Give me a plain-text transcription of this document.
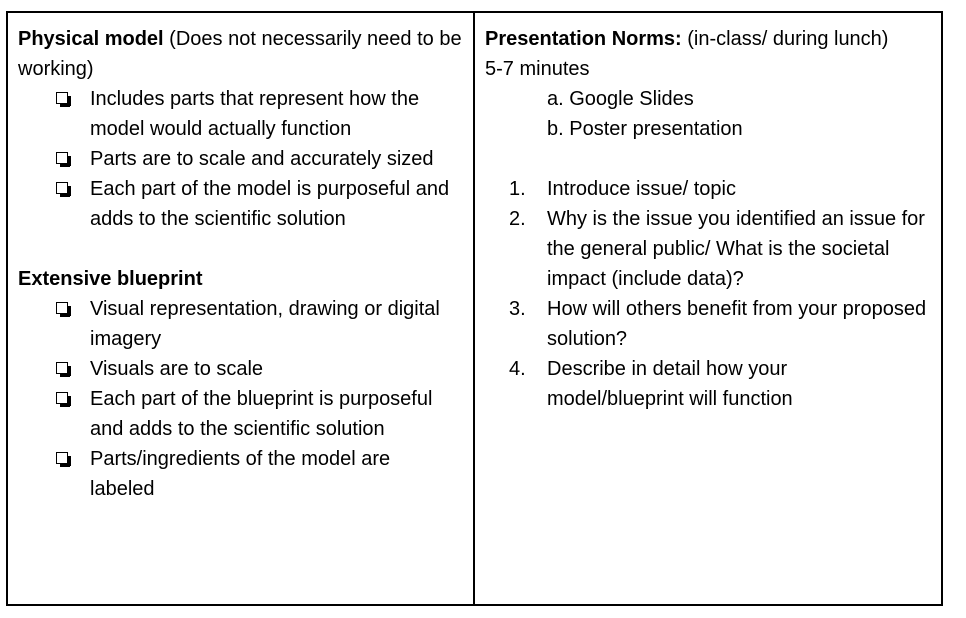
Physical model (Does not necessarily need to be working)

Includes parts that represent how the model would actually function
Parts are to scale and accurately sized
Each part of the model is purposeful and adds to the scientific solution

Extensive blueprint

Visual representation, drawing or digital imagery
Visuals are to scale
Each part of the blueprint is purposeful and adds to the scientific solution
Parts/ingredients of the model are labeled

Presentation Norms: (in-class/ during lunch)

5-7 minutes

a. Google Slides
b. Poster presentation
1. Introduce issue/ topic
2. Why is the issue you identified an issue for the general public/ What is the societal impact (include data)?
3. How will others benefit from your proposed solution?
4. Describe in detail how your model/blueprint will function
